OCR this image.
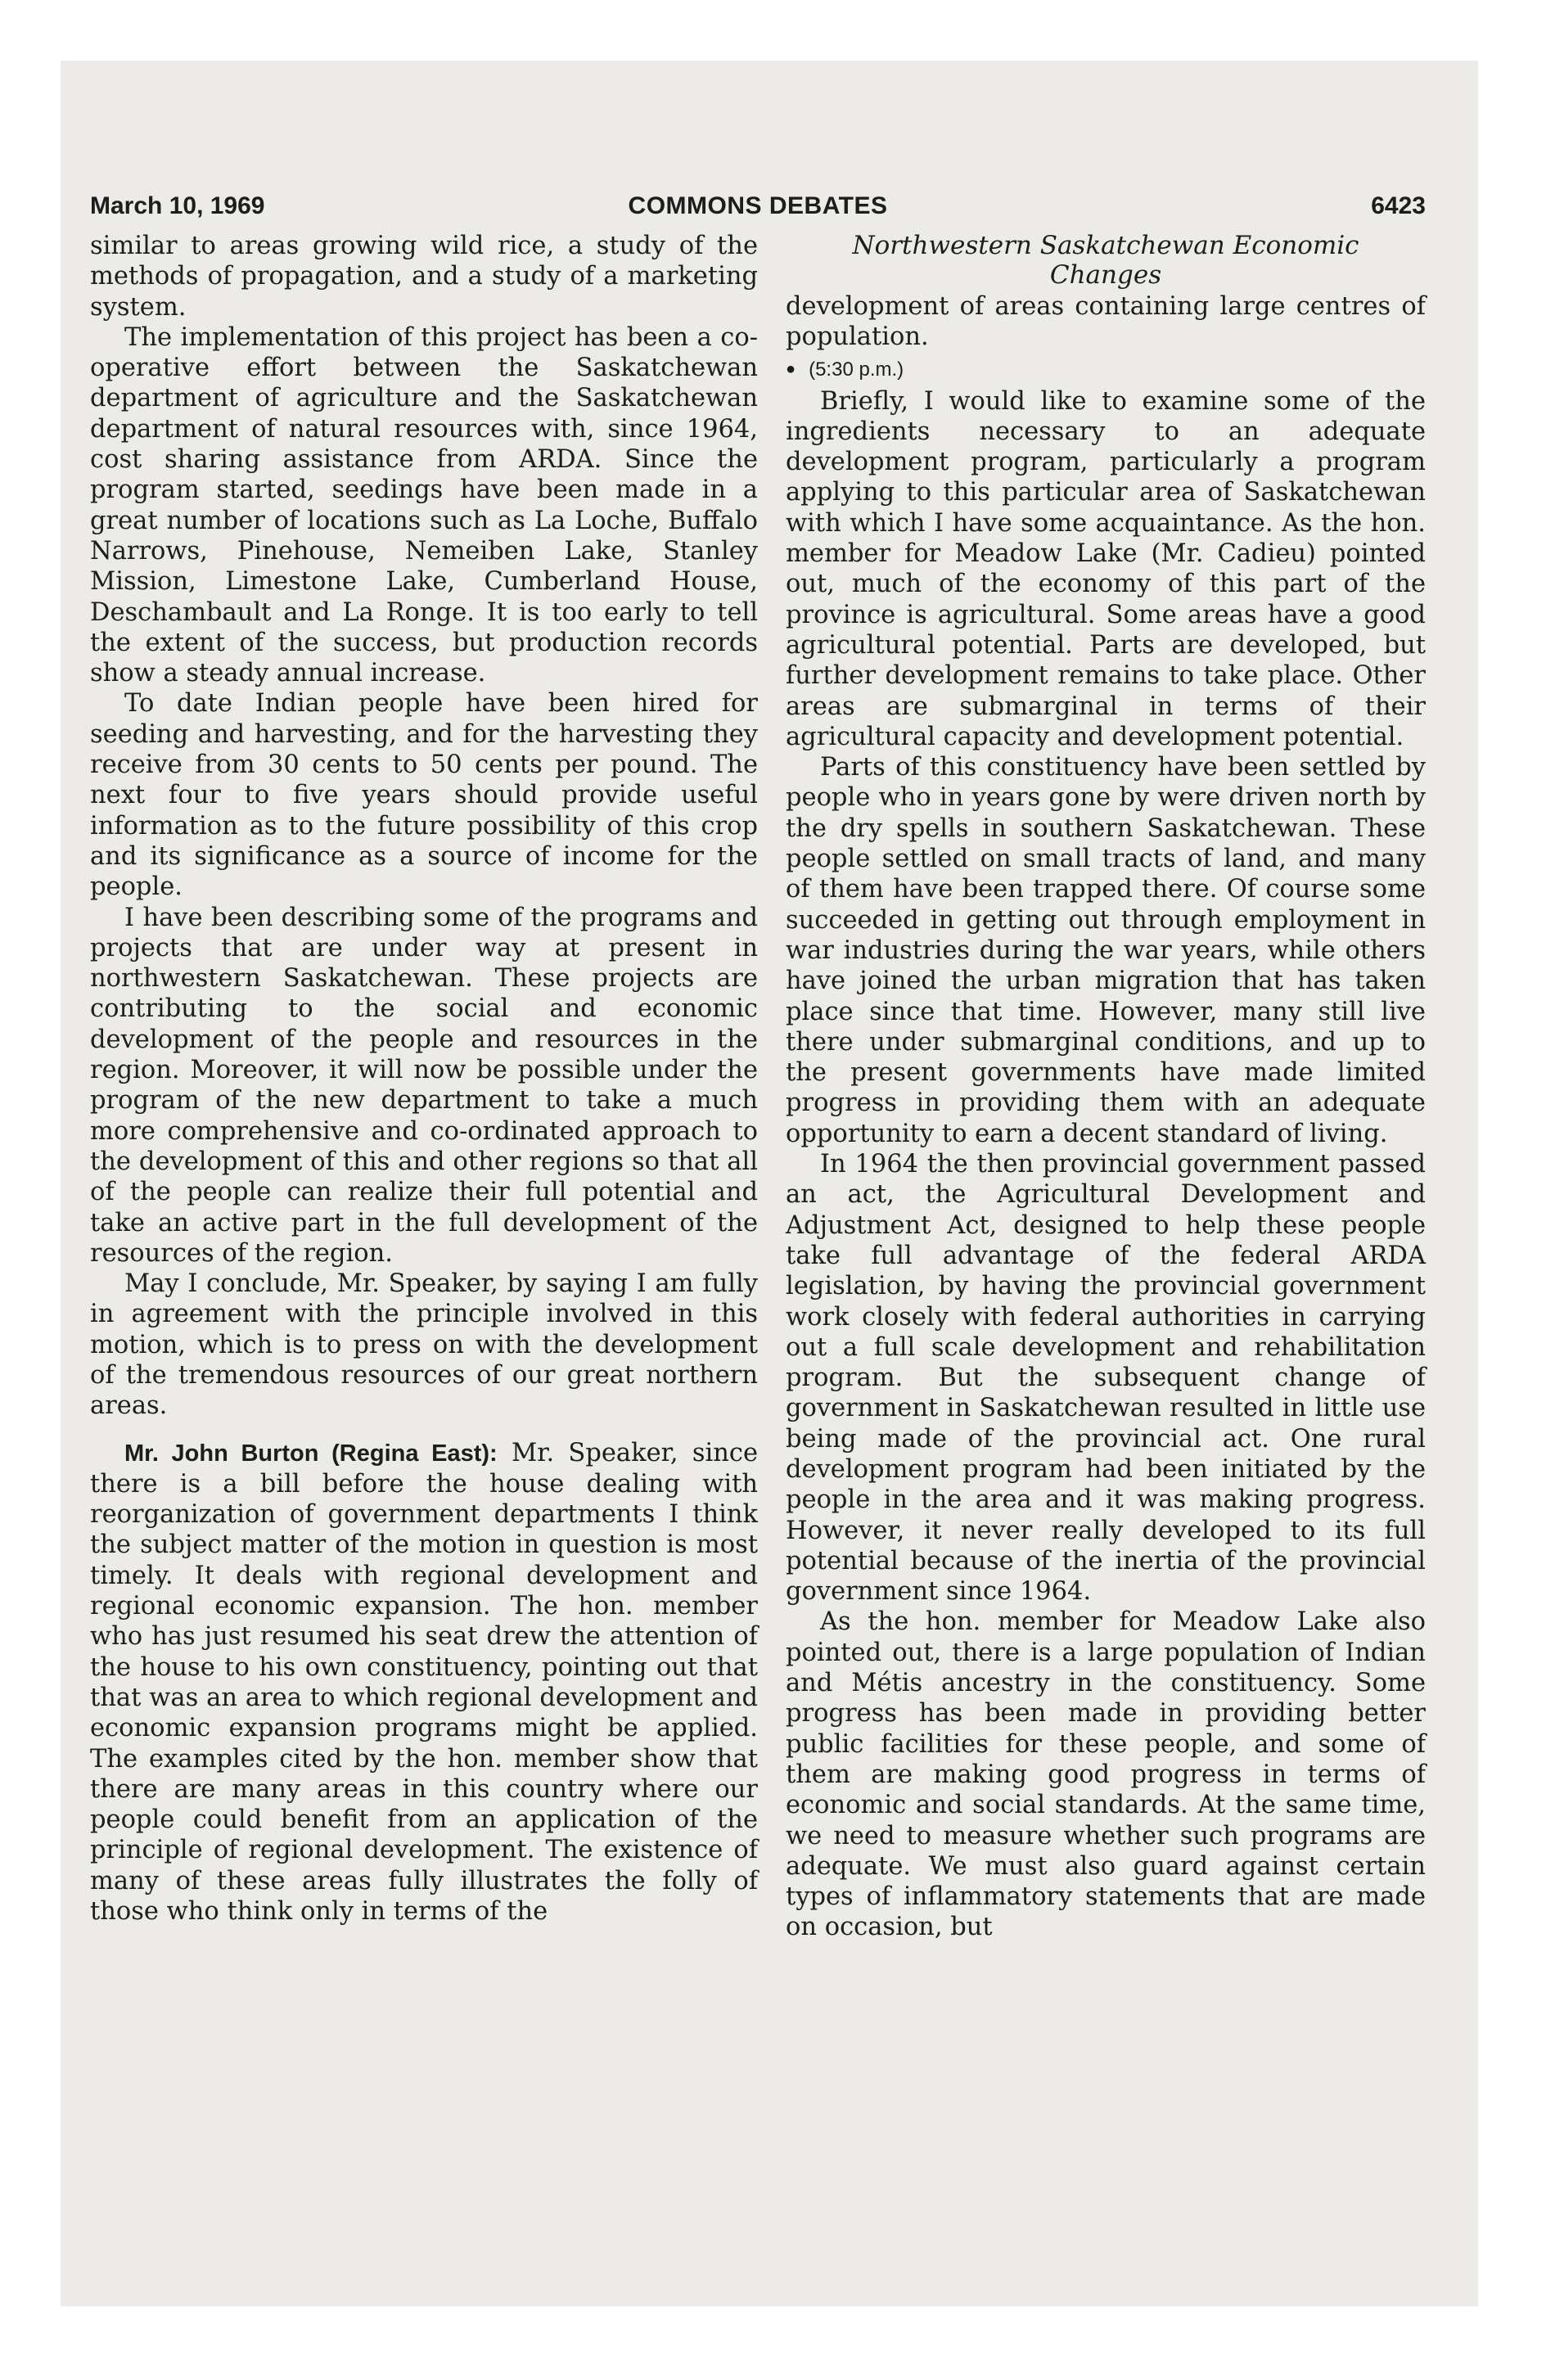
March 10, 1969	COMMONS DEBATES	6423

similar to areas growing wild rice, a study of the methods of propagation, and a study of a marketing system.

The implementation of this project has been a co-operative effort between the Saskatchewan department of agriculture and the Saskatchewan department of natural resources with, since 1964, cost sharing assistance from ARDA. Since the program started, seedings have been made in a great number of locations such as La Loche, Buffalo Narrows, Pinehouse, Nemeiben Lake, Stanley Mission, Limestone Lake, Cumberland House, Deschambault and La Ronge. It is too early to tell the extent of the success, but production records show a steady annual increase.

To date Indian people have been hired for seeding and harvesting, and for the harvesting they receive from 30 cents to 50 cents per pound. The next four to five years should provide useful information as to the future possibility of this crop and its significance as a source of income for the people.

I have been describing some of the programs and projects that are under way at present in northwestern Saskatchewan. These projects are contributing to the social and economic development of the people and resources in the region. Moreover, it will now be possible under the program of the new department to take a much more comprehensive and co-ordinated approach to the development of this and other regions so that all of the people can realize their full potential and take an active part in the full development of the resources of the region.

May I conclude, Mr. Speaker, by saying I am fully in agreement with the principle involved in this motion, which is to press on with the development of the tremendous resources of our great northern areas.

Mr. John Burton (Regina East): Mr. Speaker, since there is a bill before the house dealing with reorganization of government departments I think the subject matter of the motion in question is most timely. It deals with regional development and regional economic expansion. The hon. member who has just resumed his seat drew the attention of the house to his own constituency, pointing out that that was an area to which regional development and economic expansion programs might be applied. The examples cited by the hon. member show that there are many areas in this country where our people could benefit from an application of the principle of regional development. The existence of many of these areas fully illustrates the folly of those who think only in terms of the

Northwestern Saskatchewan Economic Changes

development of areas containing large centres of population.

● (5:30 p.m.)

Briefly, I would like to examine some of the ingredients necessary to an adequate development program, particularly a program applying to this particular area of Saskatchewan with which I have some acquaintance. As the hon. member for Meadow Lake (Mr. Cadieu) pointed out, much of the economy of this part of the province is agricultural. Some areas have a good agricultural potential. Parts are developed, but further development remains to take place. Other areas are submarginal in terms of their agricultural capacity and development potential.

Parts of this constituency have been settled by people who in years gone by were driven north by the dry spells in southern Saskatchewan. These people settled on small tracts of land, and many of them have been trapped there. Of course some succeeded in getting out through employment in war industries during the war years, while others have joined the urban migration that has taken place since that time. However, many still live there under submarginal conditions, and up to the present governments have made limited progress in providing them with an adequate opportunity to earn a decent standard of living.

In 1964 the then provincial government passed an act, the Agricultural Development and Adjustment Act, designed to help these people take full advantage of the federal ARDA legislation, by having the provincial government work closely with federal authorities in carrying out a full scale development and rehabilitation program. But the subsequent change of government in Saskatchewan resulted in little use being made of the provincial act. One rural development program had been initiated by the people in the area and it was making progress. However, it never really developed to its full potential because of the inertia of the provincial government since 1964.

As the hon. member for Meadow Lake also pointed out, there is a large population of Indian and Métis ancestry in the constituency. Some progress has been made in providing better public facilities for these people, and some of them are making good progress in terms of economic and social standards. At the same time, we need to measure whether such programs are adequate. We must also guard against certain types of inflammatory statements that are made on occasion, but
